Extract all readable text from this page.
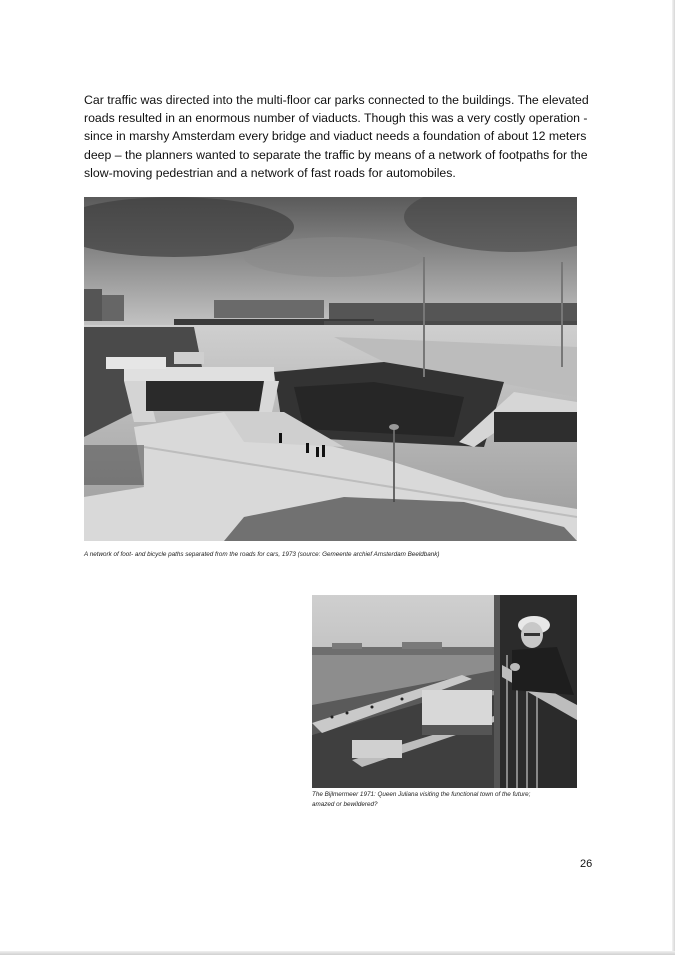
Car traffic was directed into the multi-floor car parks connected to the buildings. The elevated roads resulted in an enormous number of viaducts. Though this was a very costly operation - since in marshy Amsterdam every bridge and viaduct needs a foundation of about 12 meters deep – the planners wanted to separate the traffic by means of a network of footpaths for the slow-moving pedestrian and a network of fast roads for automobiles.

A network of foot- and bicycle paths separated from the roads for cars, 1973 (source: Gemeente archief Amsterdam Beeldbank)
The Bijlmermeer 1971: Queen Juliana visiting the functional town of the future;
amazed or bewildered?
26
